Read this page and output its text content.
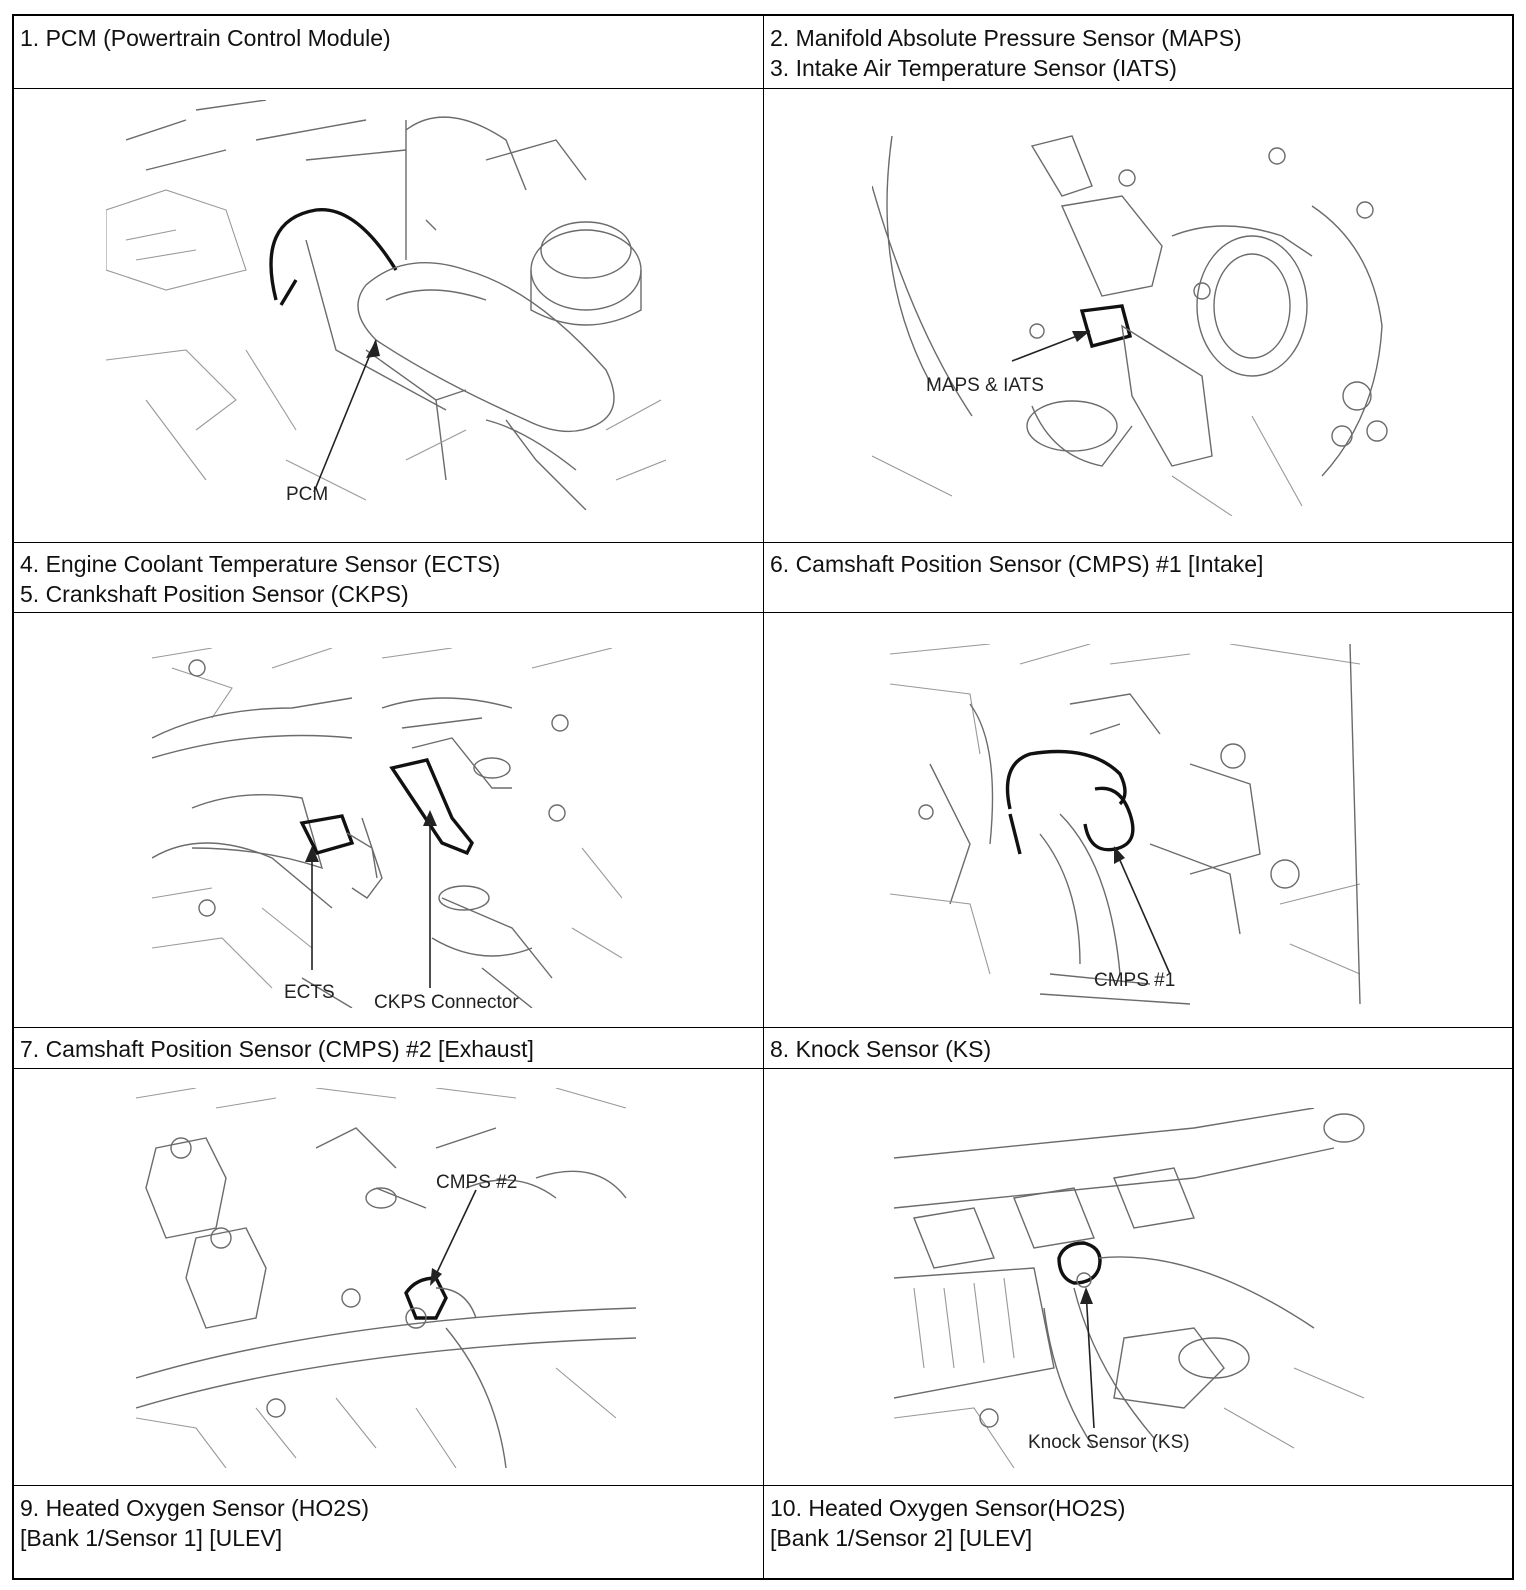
1. PCM (Powertrain Control Module)	2. Manifold Absolute Pressure Sensor (MAPS)
3. Intake Air Temperature Sensor (IATS)
PCM
MAPS & IATS
4. Engine Coolant Temperature Sensor (ECTS)
5. Crankshaft Position Sensor (CKPS)
6. Camshaft Position Sensor (CMPS) #1 [Intake]
ECTS CKPS Connector
CMPS #1
7. Camshaft Position Sensor (CMPS) #2 [Exhaust]	8. Knock Sensor (KS)
CMPS #2
Knock Sensor (KS)
9. Heated Oxygen Sensor (HO2S)
[Bank 1/Sensor 1] [ULEV]
10. Heated Oxygen Sensor(HO2S)
[Bank 1/Sensor 2] [ULEV]
